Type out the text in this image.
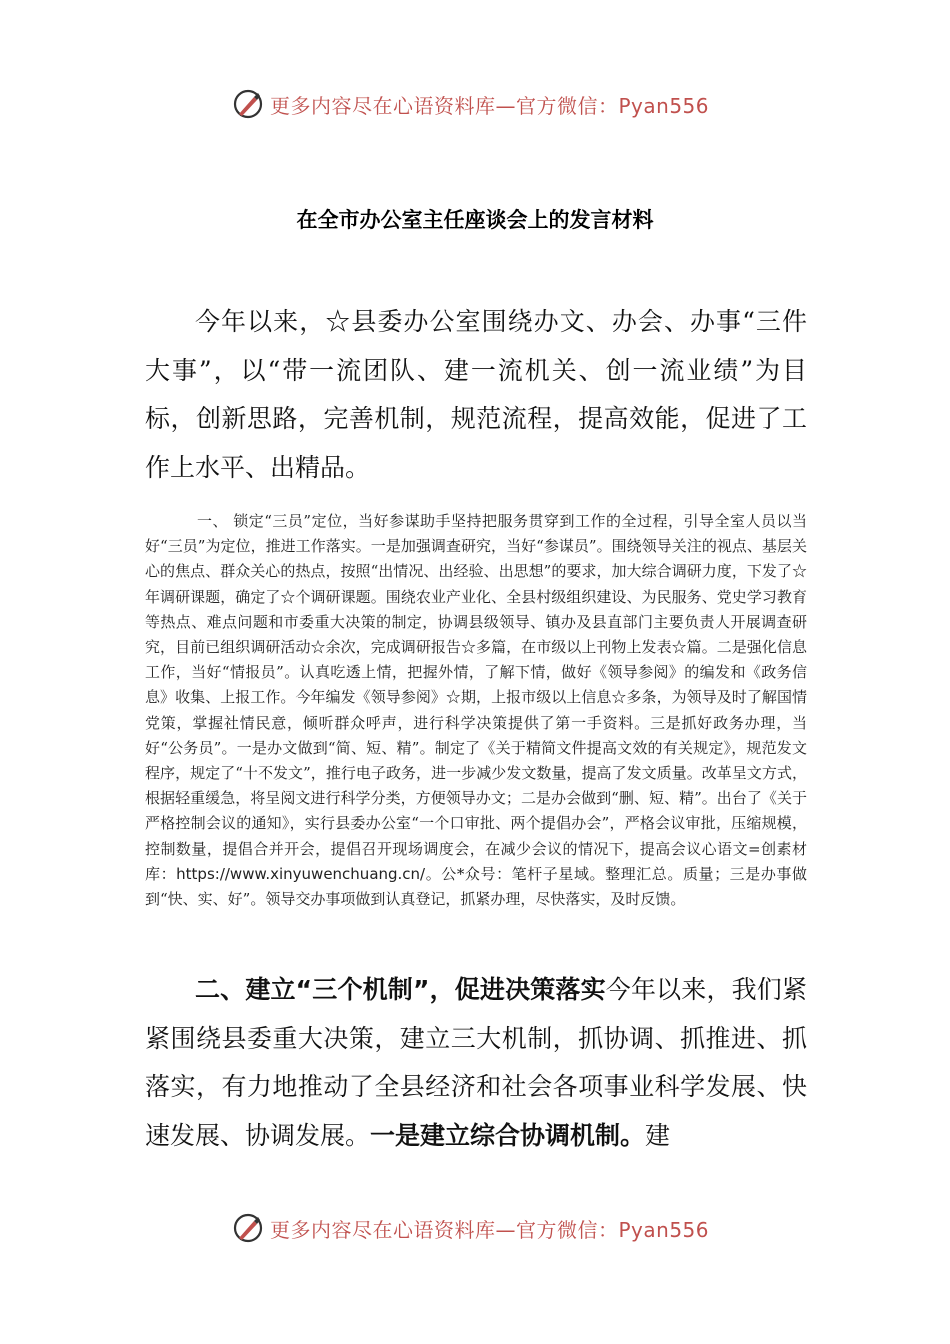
更多内容尽在心语资料库—官方微信：Pyan556
在全市办公室主任座谈会上的发言材料

今年以来，☆县委办公室围绕办文、办会、办事“三件大事”，以“带一流团队、建一流机关、创一流业绩”为目标，创新思路，完善机制，规范流程，提高效能，促进了工作上水平、出精品。

一、 锁定“三员”定位，当好参谋助手坚持把服务贯穿到工作的全过程，引导全室人员以当好“三员”为定位，推进工作落实。一是加强调查研究，当好“参谋员”。围绕领导关注的视点、基层关心的焦点、群众关心的热点，按照“出情况、出经验、出思想”的要求，加大综合调研力度，下发了☆年调研课题，确定了☆个调研课题。围绕农业产业化、全县村级组织建设、为民服务、党史学习教育等热点、难点问题和市委重大决策的制定，协调县级领导、镇办及县直部门主要负责人开展调查研究，目前已组织调研活动☆余次，完成调研报告☆多篇，在市级以上刊物上发表☆篇。二是强化信息工作，当好“情报员”。认真吃透上情，把握外情，了解下情，做好《领导参阅》的编发和《政务信息》收集、上报工作。今年编发《领导参阅》☆期，上报市级以上信息☆多条，为领导及时了解国情党策，掌握社情民意，倾听群众呼声，进行科学决策提供了第一手资料。三是抓好政务办理，当好“公务员”。一是办文做到“简、短、精”。制定了《关于精简文件提高文效的有关规定》，规范发文程序，规定了“十不发文”，推行电子政务，进一步减少发文数量，提高了发文质量。改革呈文方式，根据轻重缓急，将呈阅文进行科学分类，方便领导办文；二是办会做到“删、短、精”。出台了《关于严格控制会议的通知》，实行县委办公室“一个口审批、两个提倡办会”，严格会议审批，压缩规模，控制数量，提倡合并开会，提倡召开现场调度会，在减少会议的情况下，提高会议心语文=创素材库：https://www.xinyuwenchuang.cn/。公*众号：笔杆子星域。整理汇总。质量；三是办事做到“快、实、好”。领导交办事项做到认真登记，抓紧办理，尽快落实，及时反馈。

二、建立“三个机制”，促进决策落实今年以来，我们紧紧围绕县委重大决策，建立三大机制，抓协调、抓推进、抓落实，有力地推动了全县经济和社会各项事业科学发展、快速发展、协调发展。一是建立综合协调机制。建

更多内容尽在心语资料库—官方微信：Pyan556
